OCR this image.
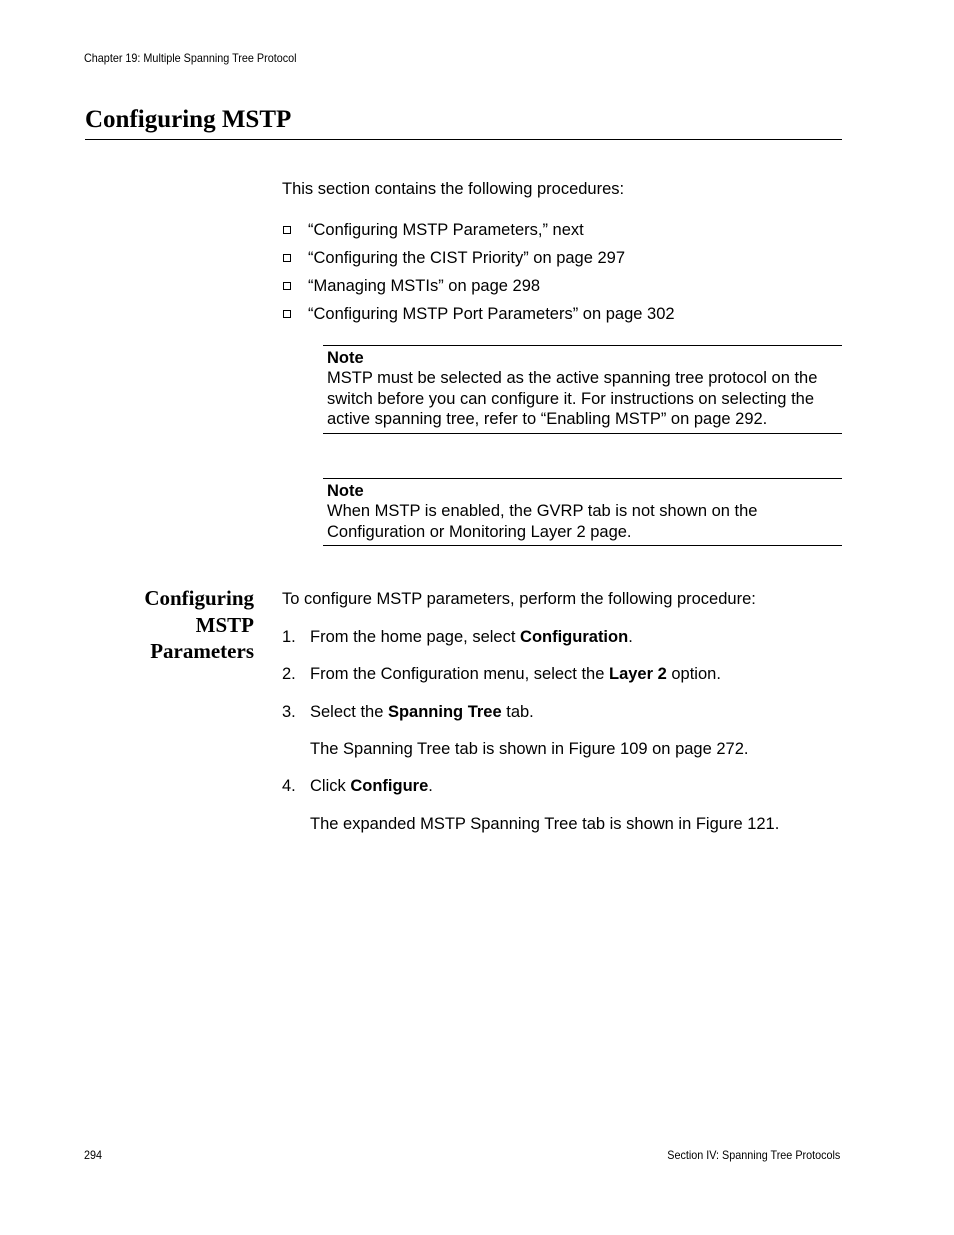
Chapter 19: Multiple Spanning Tree Protocol
Configuring MSTP
This section contains the following procedures:
“Configuring MSTP Parameters,” next
“Configuring the CIST Priority” on page 297
“Managing MSTIs” on page 298
“Configuring MSTP Port Parameters” on page 302
Note
MSTP must be selected as the active spanning tree protocol on the
switch before you can configure it. For instructions on selecting the
active spanning tree, refer to “Enabling MSTP” on page 292.
Note
When MSTP is enabled, the GVRP tab is not shown on the
Configuration or Monitoring Layer 2 page.
Configuring
MSTP
Parameters
To configure MSTP parameters, perform the following procedure:
1. From the home page, select Configuration.
2. From the Configuration menu, select the Layer 2 option.
3. Select the Spanning Tree tab.
The Spanning Tree tab is shown in Figure 109 on page 272.
4. Click Configure.
The expanded MSTP Spanning Tree tab is shown in Figure 121.
294	Section IV: Spanning Tree Protocols
